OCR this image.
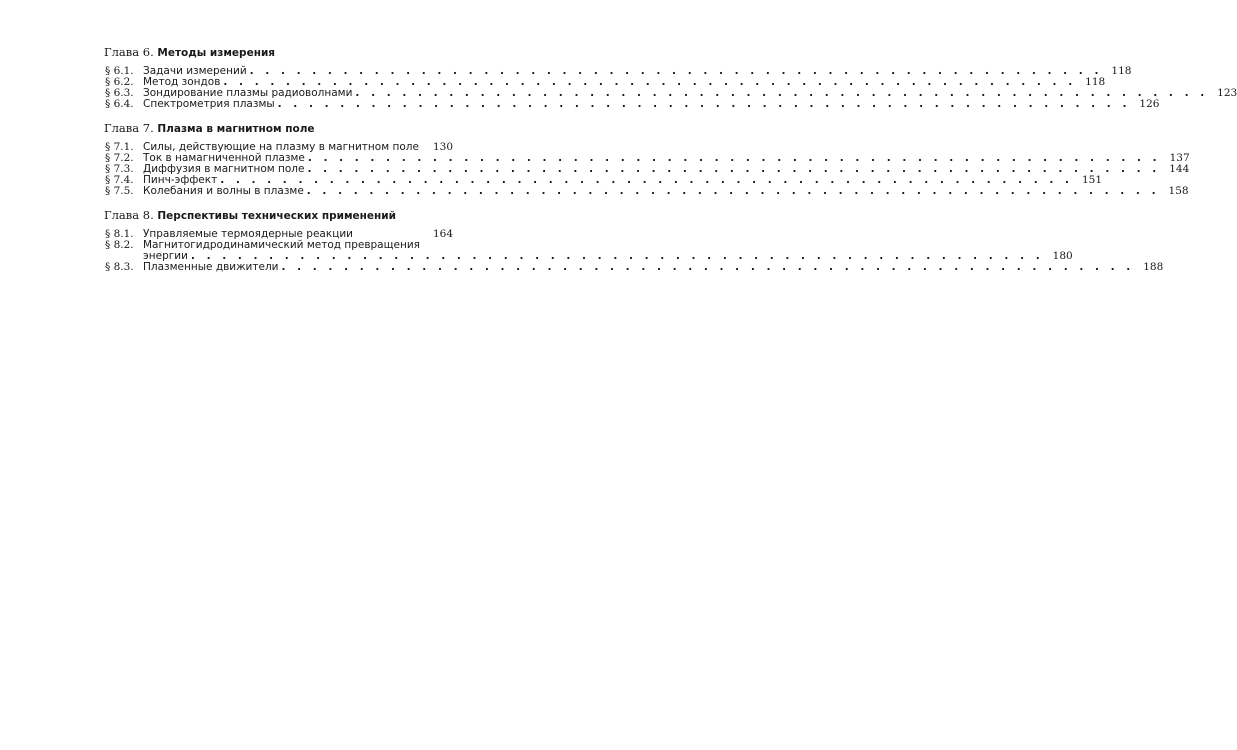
Глава 6. Методы измерения
§ 6.1. Задачи измерений . . .	118
§ 6.2. Метод зондов . . .	118
§ 6.3. Зондирование плазмы радиоволнами . . .	123
§ 6.4. Спектрометрия плазмы . . .	126
Глава 7. Плазма в магнитном поле
§ 7.1. Силы, действующие на плазму в магнитном поле	130
§ 7.2. Ток в намагниченной плазме . . .	137
§ 7.3. Диффузия в магнитном поле . . .	144
§ 7.4. Пинч-эффект . . .	151
§ 7.5. Колебания и волны в плазме . . .	158
Глава 8. Перспективы технических применений
§ 8.1. Управляемые термоядерные реакции	164
§ 8.2. Магнитогидродинамический метод превращения
энергии . . .	180
§ 8.3. Плазменные движители . . .	188
